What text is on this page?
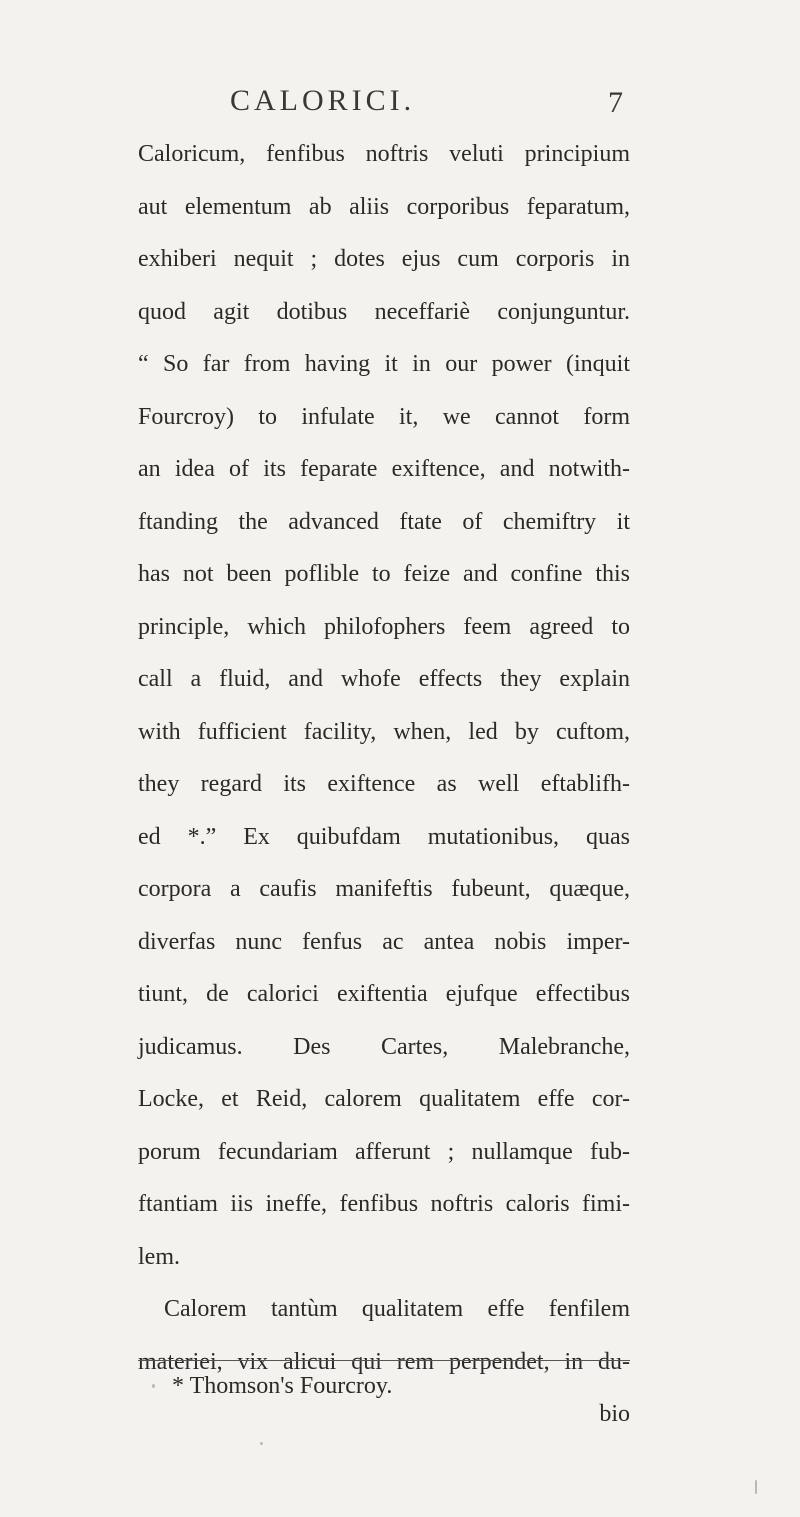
CALORICI.	7
Caloricum, fenfibus noftris veluti principium
aut elementum ab aliis corporibus feparatum,
exhiberi nequit ; dotes ejus cum corporis in
quod agit dotibus neceffariè conjunguntur.
“ So far from having it in our power (inquit
Fourcroy) to infulate it, we cannot form
an idea of its feparate exiftence, and notwith-
ftanding the advanced ftate of chemiftry it
has not been poflible to feize and confine this
principle, which philofophers feem agreed to
call a fluid, and whofe effects they explain
with fufficient facility, when, led by cuftom,
they regard its exiftence as well eftablifh-
ed *.” Ex quibufdam mutationibus, quas
corpora a caufis manifeftis fubeunt, quæque,
diverfas nunc fenfus ac antea nobis imper-
tiunt, de calorici exiftentia ejufque effectibus
judicamus. Des Cartes, Malebranche,
Locke, et Reid, calorem qualitatem effe cor-
porum fecundariam afferunt ; nullamque fub-
ftantiam iis ineffe, fenfibus noftris caloris fimi-
lem.
Calorem tantùm qualitatem effe fenfilem
materiei, vix alicui qui rem perpendet, in du-
bio
* Thomson's Fourcroy.
